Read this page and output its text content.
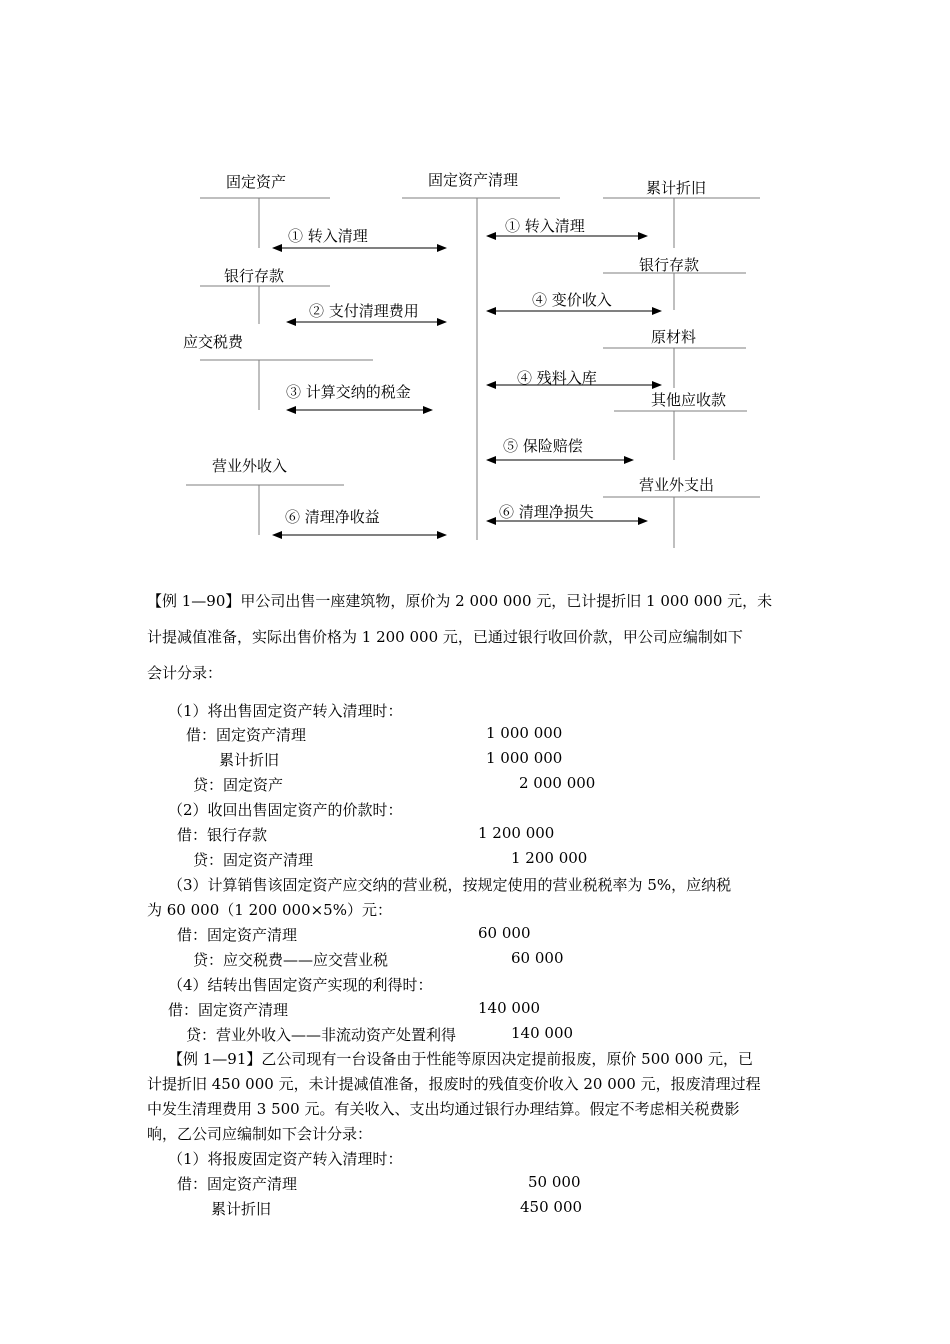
固定资产	固定资产清理	累计折旧
银行存款
应交税费
营业外收入
银行存款
原材料
其他应收款
营业外支出
① 转入清理
② 支付清理费用
③ 计算交纳的税金
⑥ 清理净收益
① 转入清理
④ 变价收入
④ 残料入库
⑤ 保险赔偿
⑥ 清理净损失
【例 1—90】甲公司出售一座建筑物，原价为 2 000 000 元，已计提折旧 1 000 000 元，未
计提减值准备，实际出售价格为 1 200 000 元，已通过银行收回价款，甲公司应编制如下
会计分录：
（1）将出售固定资产转入清理时：
借：固定资产清理	1 000 000
累计折旧	1 000 000
贷：固定资产	2 000 000
（2）收回出售固定资产的价款时：
借：银行存款	1 200 000
贷：固定资产清理	1 200 000
（3）计算销售该固定资产应交纳的营业税，按规定使用的营业税税率为 5%，应纳税
为 60 000（1 200 000×5%）元：
借：固定资产清理	60 000
贷：应交税费——应交营业税	60 000
（4）结转出售固定资产实现的利得时：
借：固定资产清理	140 000
贷：营业外收入——非流动资产处置利得	140 000
【例 1—91】乙公司现有一台设备由于性能等原因决定提前报废，原价 500 000 元，已
计提折旧 450 000 元，未计提减值准备，报废时的残值变价收入 20 000 元，报废清理过程
中发生清理费用 3 500 元。有关收入、支出均通过银行办理结算。假定不考虑相关税费影
响，乙公司应编制如下会计分录：
（1）将报废固定资产转入清理时：
借：固定资产清理	50 000
累计折旧	450 000
